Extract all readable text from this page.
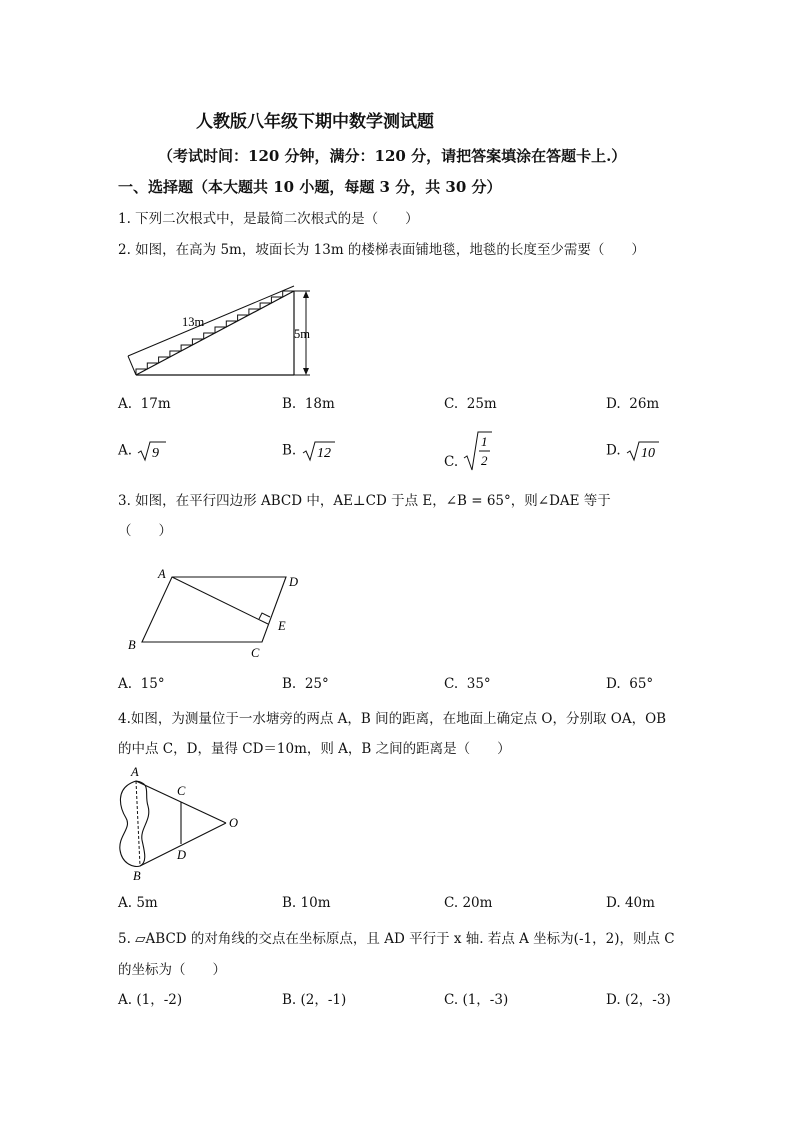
人教版八年级下期中数学测试题
（考试时间：120 分钟，满分：120 分，请把答案填涂在答题卡上.）
一、选择题（本大题共 10 小题，每题 3 分，共 30 分）
1. 下列二次根式中，是最简二次根式的是（　　）
2. 如图，在高为 5m，坡面长为 13m 的楼梯表面铺地毯，地毯的长度至少需要（　　）
13m
5m
A. 17m	B. 18m	C. 25m	D. 26m
A. 9	B. 12	C.
1
2
D. 10
3. 如图，在平行四边形 ABCD 中，AE⊥CD 于点 E，∠B = 65°，则∠DAE 等于
（　　）
A
D
E
B
C
A. 15°	B. 25°	C. 35°	D. 65°
4.如图，为测量位于一水塘旁的两点 A，B 间的距离，在地面上确定点 O，分别取 OA，OB
的中点 C，D，量得 CD＝10m，则 A，B 之间的距离是（　　）
A
C
O
D
B
A. 5m	B. 10m	C. 20m	D. 40m
5. ▱ABCD 的对角线的交点在坐标原点，且 AD 平行于 x 轴. 若点 A 坐标为(-1，2)，则点 C
的坐标为（　　）
A. (1，-2)	B. (2，-1)	C. (1，-3)	D. (2，-3)
